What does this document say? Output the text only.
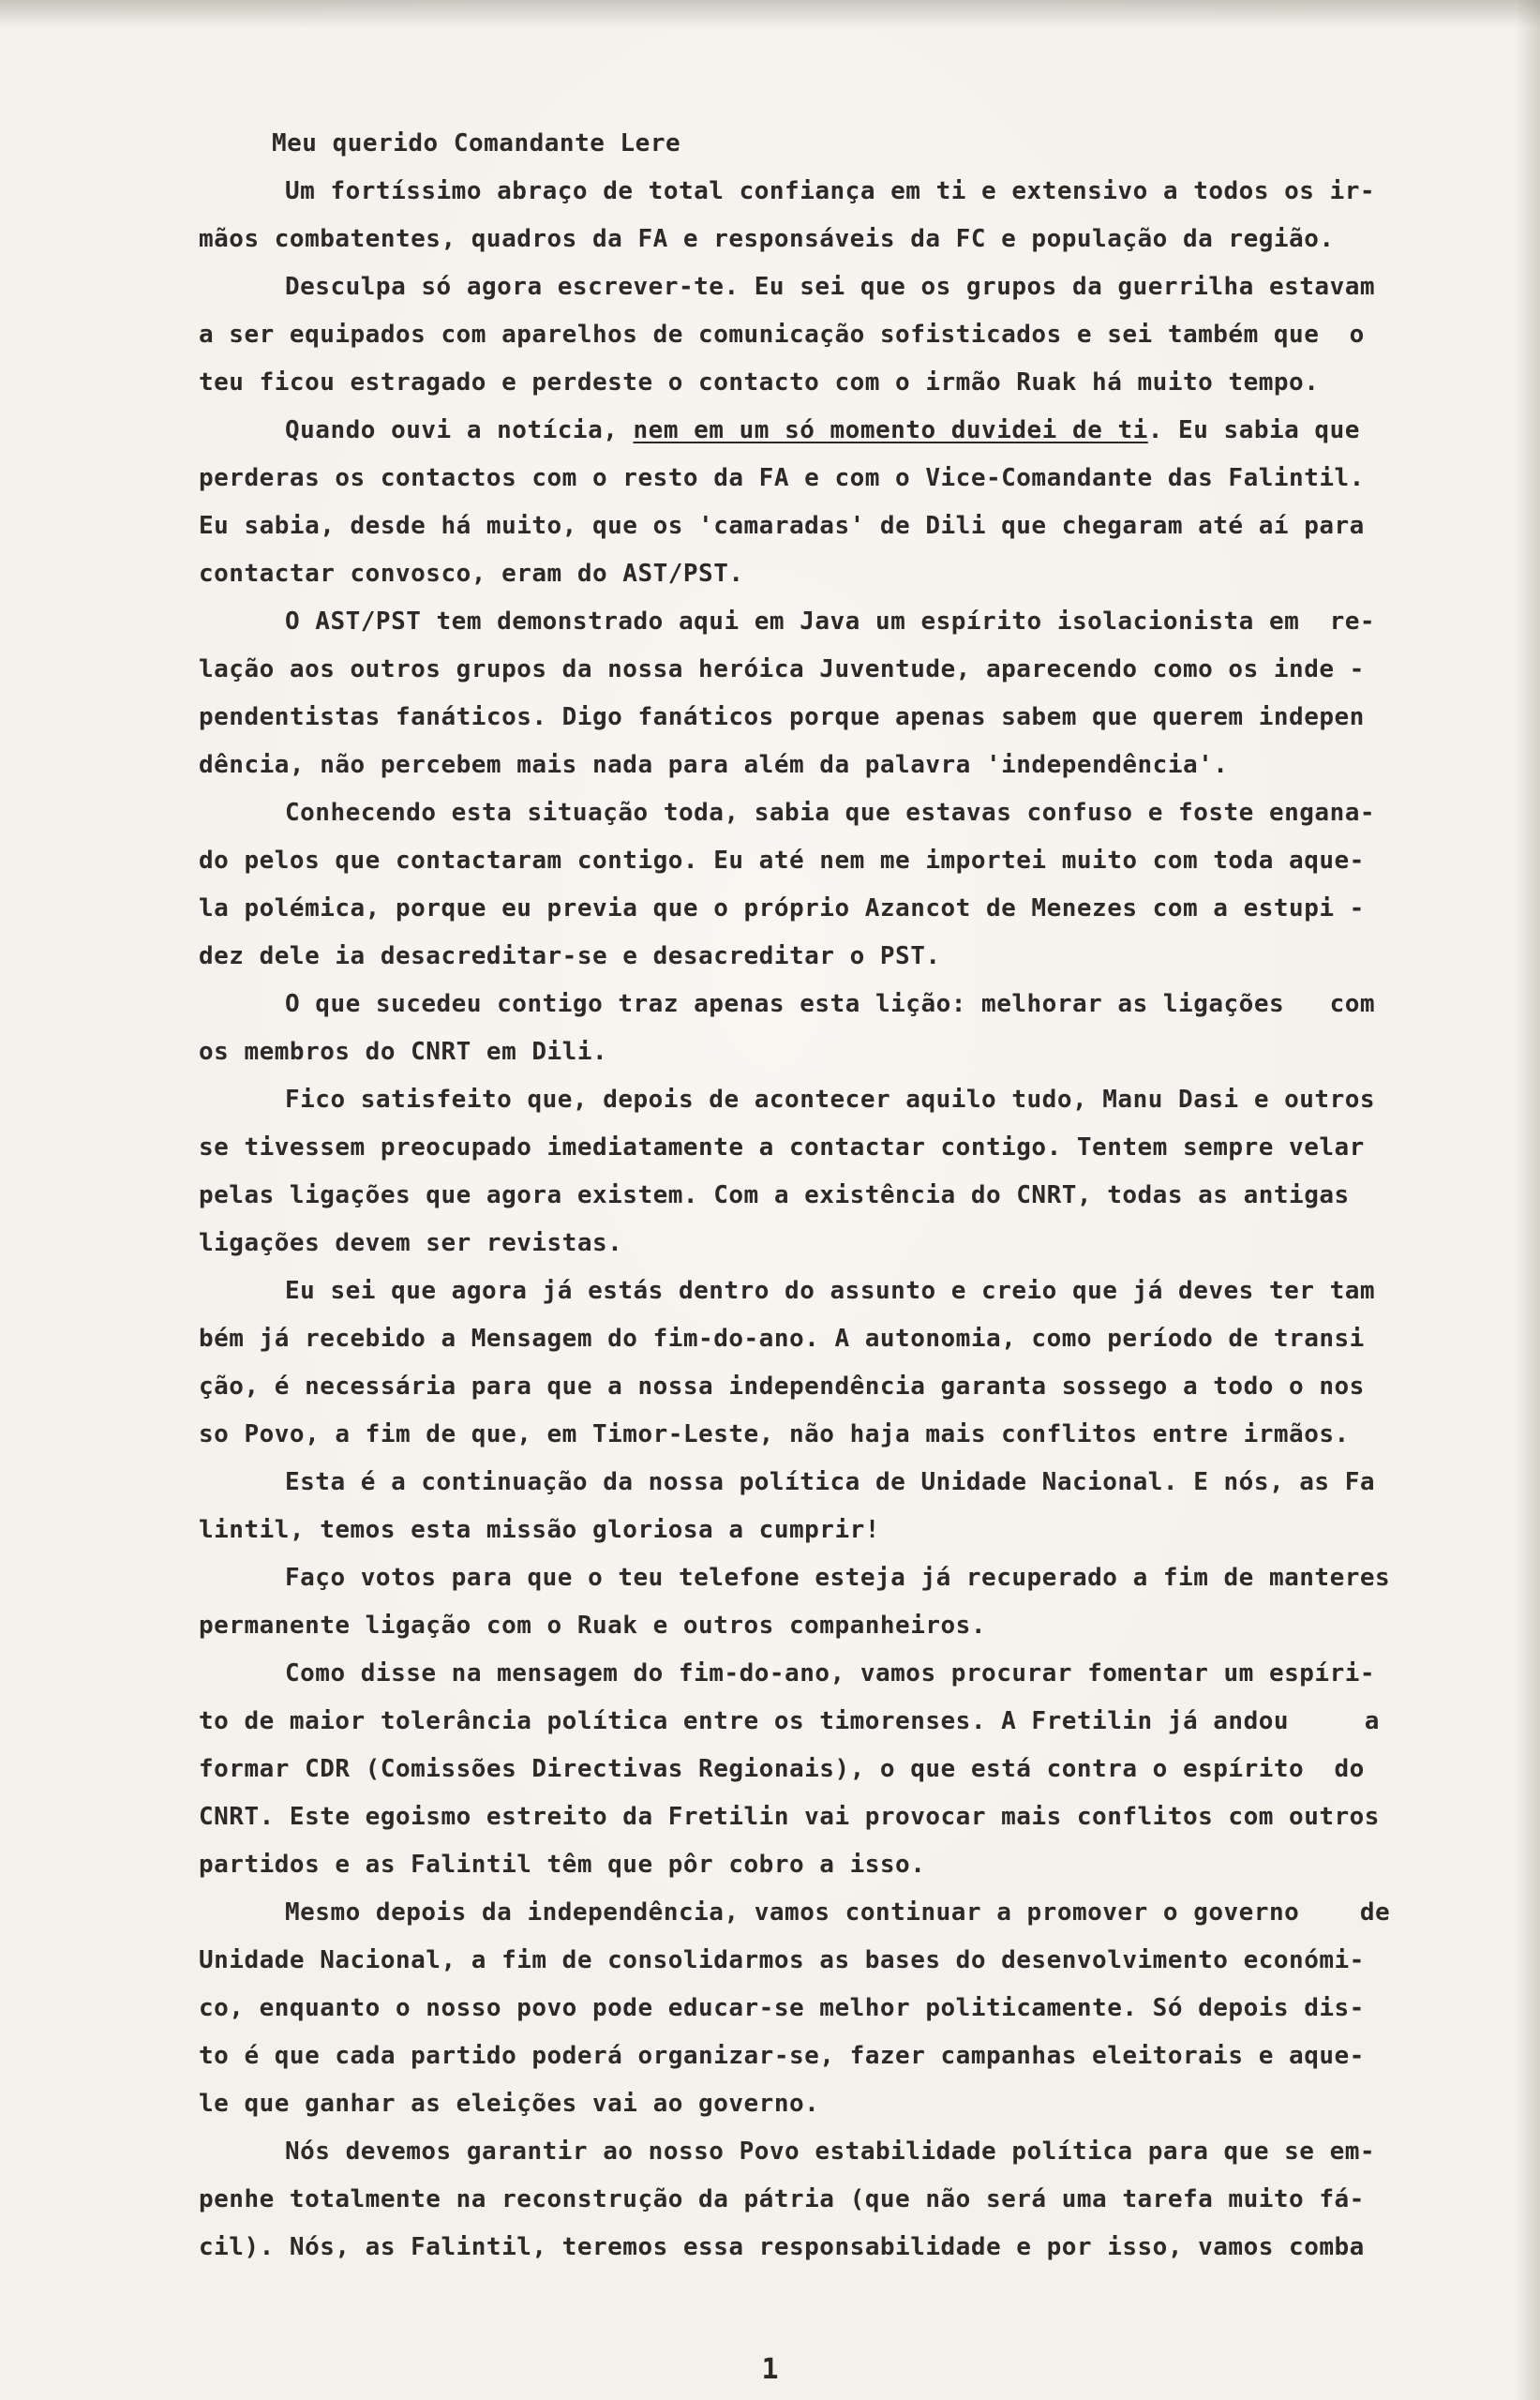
Meu querido Comandante Lere
Um fortíssimo abraço de total confiança em ti e extensivo a todos os ir-
mãos combatentes, quadros da FA e responsáveis da FC e população da região.
Desculpa só agora escrever-te. Eu sei que os grupos da guerrilha estavam
a ser equipados com aparelhos de comunicação sofisticados e sei também que  o
teu ficou estragado e perdeste o contacto com o irmão Ruak há muito tempo.
Quando ouvi a notícia, nem em um só momento duvidei de ti. Eu sabia que
perderas os contactos com o resto da FA e com o Vice-Comandante das Falintil.
Eu sabia, desde há muito, que os 'camaradas' de Dili que chegaram até aí para
contactar convosco, eram do AST/PST.
O AST/PST tem demonstrado aqui em Java um espírito isolacionista em  re-
lação aos outros grupos da nossa heróica Juventude, aparecendo como os inde -
pendentistas fanáticos. Digo fanáticos porque apenas sabem que querem indepen
dência, não percebem mais nada para além da palavra 'independência'.
Conhecendo esta situação toda, sabia que estavas confuso e foste engana-
do pelos que contactaram contigo. Eu até nem me importei muito com toda aque-
la polémica, porque eu previa que o próprio Azancot de Menezes com a estupi -
dez dele ia desacreditar-se e desacreditar o PST.
O que sucedeu contigo traz apenas esta lição: melhorar as ligações   com
os membros do CNRT em Dili.
Fico satisfeito que, depois de acontecer aquilo tudo, Manu Dasi e outros
se tivessem preocupado imediatamente a contactar contigo. Tentem sempre velar
pelas ligações que agora existem. Com a existência do CNRT, todas as antigas
ligações devem ser revistas.
Eu sei que agora já estás dentro do assunto e creio que já deves ter tam
bém já recebido a Mensagem do fim-do-ano. A autonomia, como período de transi
ção, é necessária para que a nossa independência garanta sossego a todo o nos
so Povo, a fim de que, em Timor-Leste, não haja mais conflitos entre irmãos.
Esta é a continuação da nossa política de Unidade Nacional. E nós, as Fa
lintil, temos esta missão gloriosa a cumprir!
Faço votos para que o teu telefone esteja já recuperado a fim de manteres
permanente ligação com o Ruak e outros companheiros.
Como disse na mensagem do fim-do-ano, vamos procurar fomentar um espíri-
to de maior tolerância política entre os timorenses. A Fretilin já andou     a
formar CDR (Comissões Directivas Regionais), o que está contra o espírito  do
CNRT. Este egoismo estreito da Fretilin vai provocar mais conflitos com outros
partidos e as Falintil têm que pôr cobro a isso.
Mesmo depois da independência, vamos continuar a promover o governo    de
Unidade Nacional, a fim de consolidarmos as bases do desenvolvimento económi-
co, enquanto o nosso povo pode educar-se melhor politicamente. Só depois dis-
to é que cada partido poderá organizar-se, fazer campanhas eleitorais e aque-
le que ganhar as eleições vai ao governo.
Nós devemos garantir ao nosso Povo estabilidade política para que se em-
penhe totalmente na reconstrução da pátria (que não será uma tarefa muito fá-
cil). Nós, as Falintil, teremos essa responsabilidade e por isso, vamos comba
1
